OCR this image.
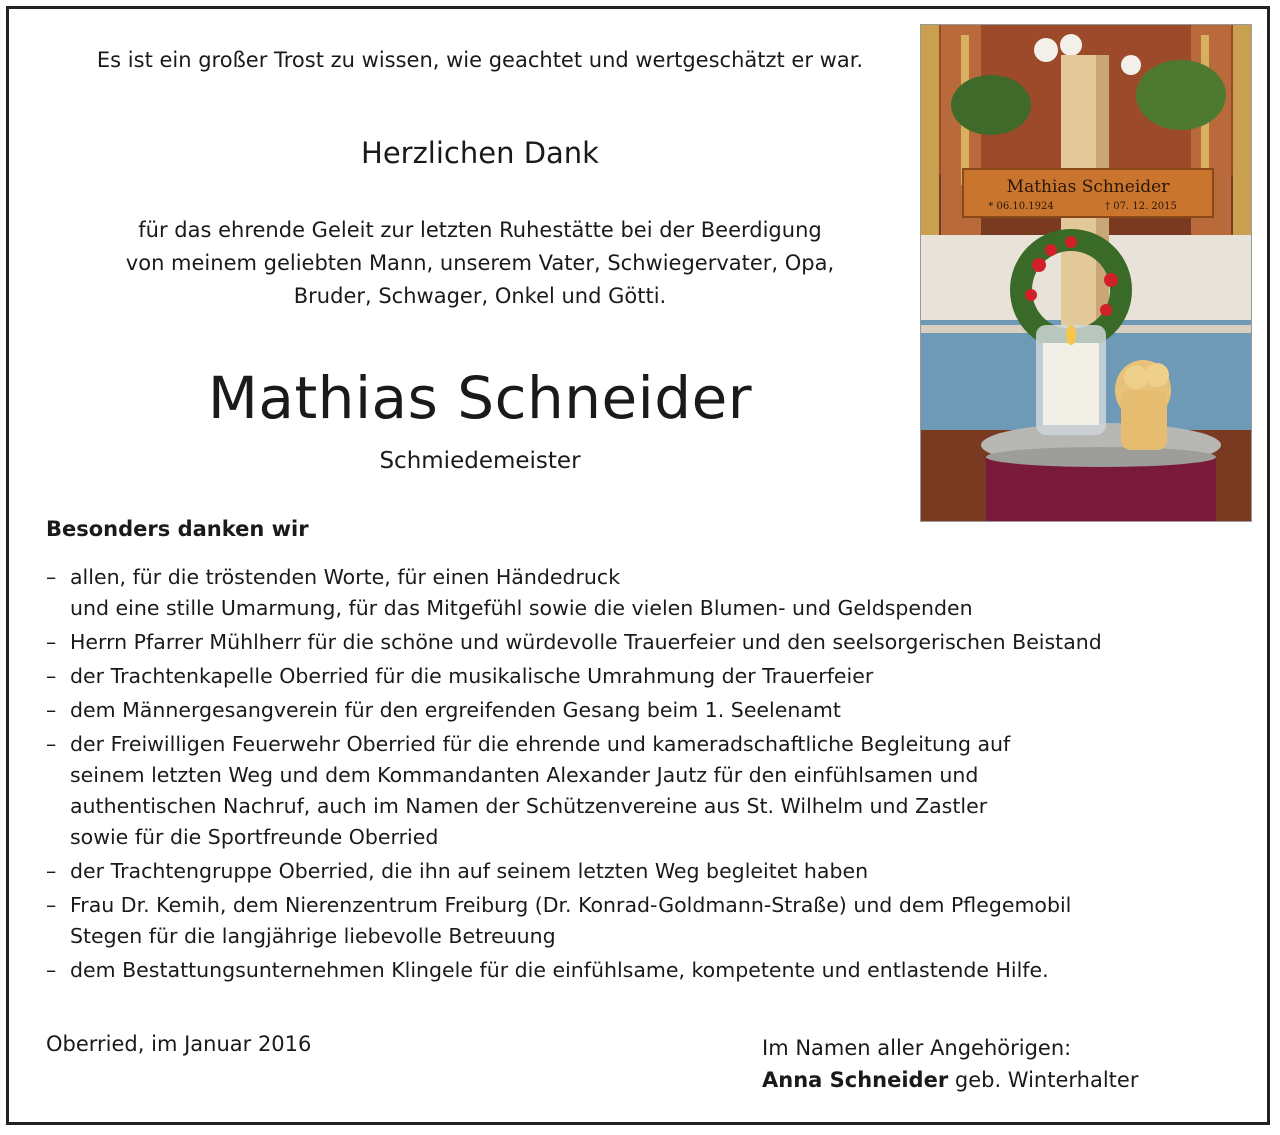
Es ist ein großer Trost zu wissen, wie geachtet und wertgeschätzt er war.
Herzlichen Dank
für das ehrende Geleit zur letzten Ruhestätte bei der Beerdigung
von meinem geliebten Mann, unserem Vater, Schwiegervater, Opa,
Bruder, Schwager, Onkel und Götti.
Mathias Schneider
Schmiedemeister
Besonders danken wir
– allen, für die tröstenden Worte, für einen Händedruck
und eine stille Umarmung, für das Mitgefühl sowie die vielen Blumen- und Geldspenden
– Herrn Pfarrer Mühlherr für die schöne und würdevolle Trauerfeier und den seelsorgerischen Beistand
– der Trachtenkapelle Oberried für die musikalische Umrahmung der Trauerfeier
– dem Männergesangverein für den ergreifenden Gesang beim 1. Seelenamt
– der Freiwilligen Feuerwehr Oberried für die ehrende und kameradschaftliche Begleitung auf
seinem letzten Weg und dem Kommandanten Alexander Jautz für den einfühlsamen und
authentischen Nachruf, auch im Namen der Schützenvereine aus St. Wilhelm und Zastler
sowie für die Sportfreunde Oberried
– der Trachtengruppe Oberried, die ihn auf seinem letzten Weg begleitet haben
– Frau Dr. Kemih, dem Nierenzentrum Freiburg (Dr. Konrad-Goldmann-Straße) und dem Pflegemobil
Stegen für die langjährige liebevolle Betreuung
– dem Bestattungsunternehmen Klingele für die einfühlsame, kompetente und entlastende Hilfe.
Oberried, im Januar 2016	Im Namen aller Angehörigen:
Anna Schneider geb. Winterhalter
Mathias Schneider
* 06.10.1924	† 07. 12. 2015
